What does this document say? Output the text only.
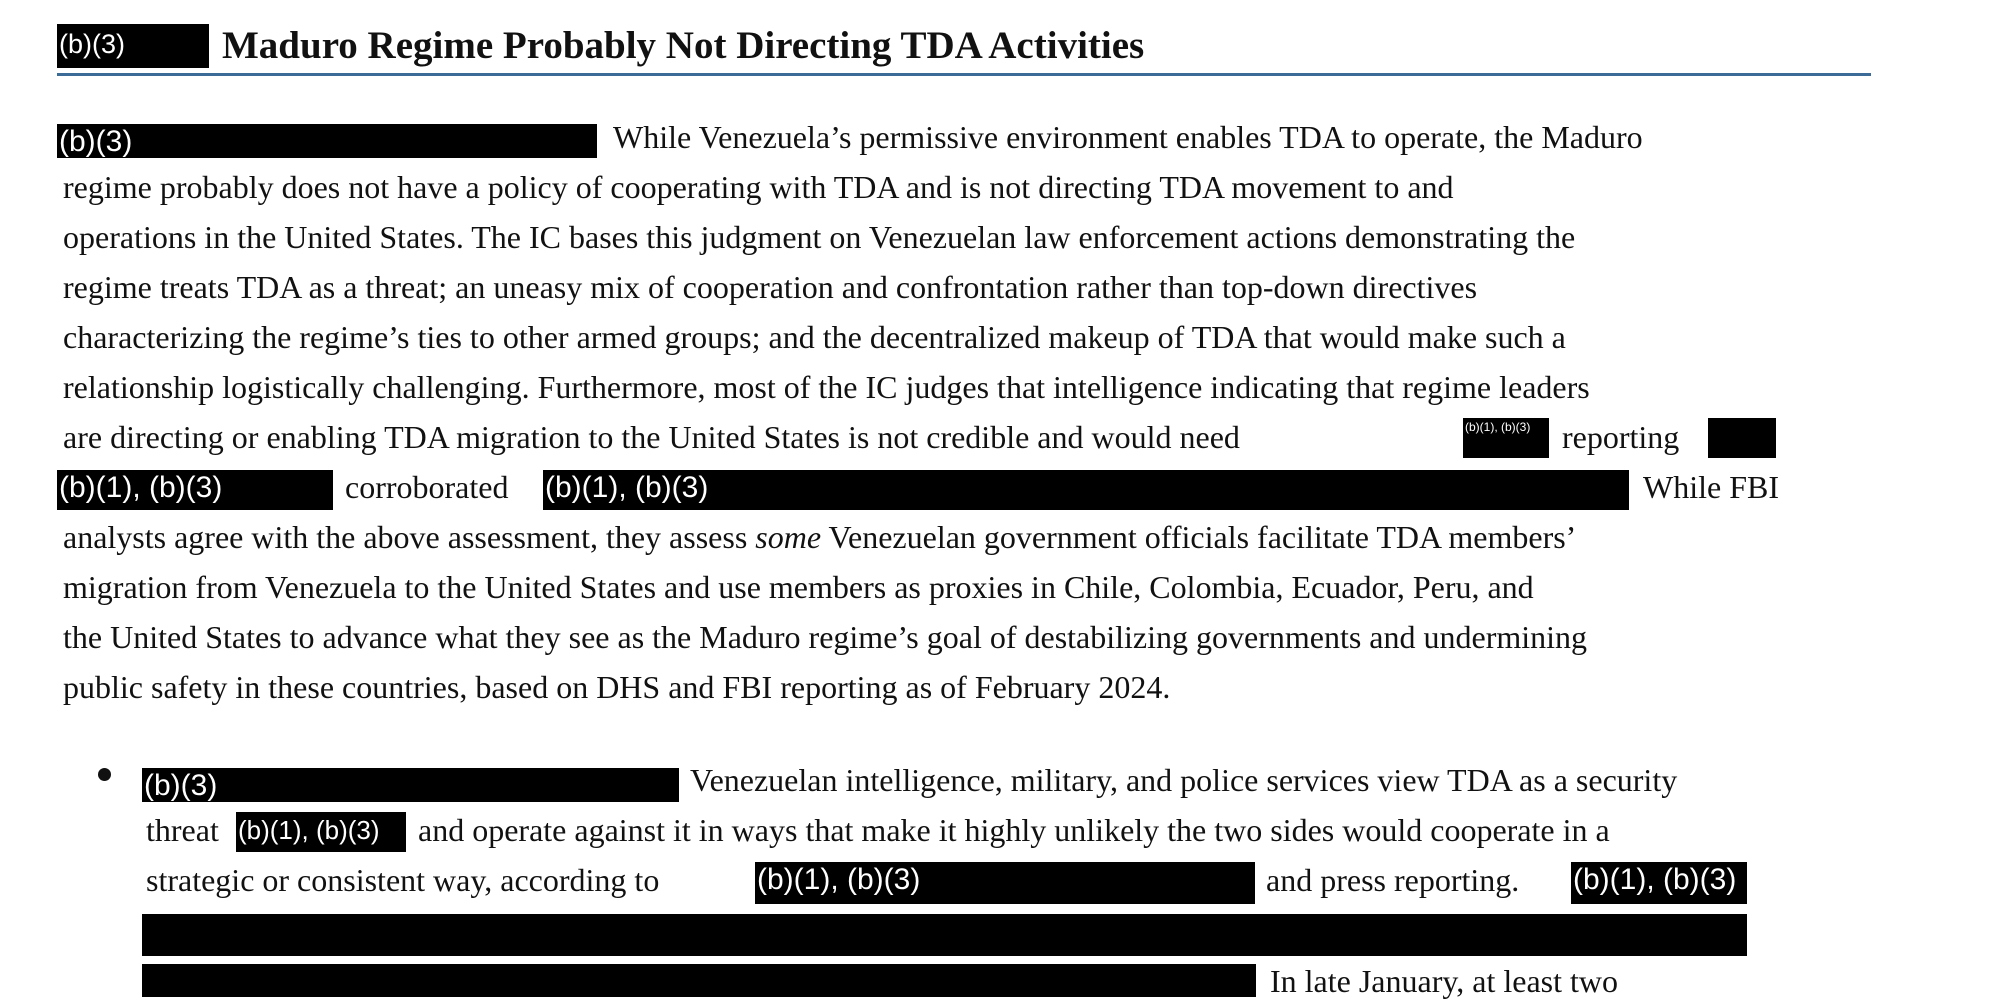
(b)(3)	Maduro Regime Probably Not Directing TDA Activities
(b)(3)	While Venezuela’s permissive environment enables TDA to operate, the Maduro
regime probably does not have a policy of cooperating with TDA and is not directing TDA movement to and
operations in the United States. The IC bases this judgment on Venezuelan law enforcement actions demonstrating the
regime treats TDA as a threat; an uneasy mix of cooperation and confrontation rather than top-down directives
characterizing the regime’s ties to other armed groups; and the decentralized makeup of TDA that would make such a
relationship logistically challenging. Furthermore, most of the IC judges that intelligence indicating that regime leaders
are directing or enabling TDA migration to the United States is not credible and would need	(b)(1), (b)(3) reporting
(b)(1), (b)(3)	corroborated (b)(1), (b)(3)	While FBI
analysts agree with the above assessment, they assess some Venezuelan government officials facilitate TDA members’
migration from Venezuela to the United States and use members as proxies in Chile, Colombia, Ecuador, Peru, and
the United States to advance what they see as the Maduro regime’s goal of destabilizing governments and undermining
public safety in these countries, based on DHS and FBI reporting as of February 2024.
(b)(3)	Venezuelan intelligence, military, and police services view TDA as a security
threat (b)(1), (b)(3)	and operate against it in ways that make it highly unlikely the two sides would cooperate in a
strategic or consistent way, according to	(b)(1), (b)(3)	and press reporting. (b)(1), (b)(3)
In late January, at least two
